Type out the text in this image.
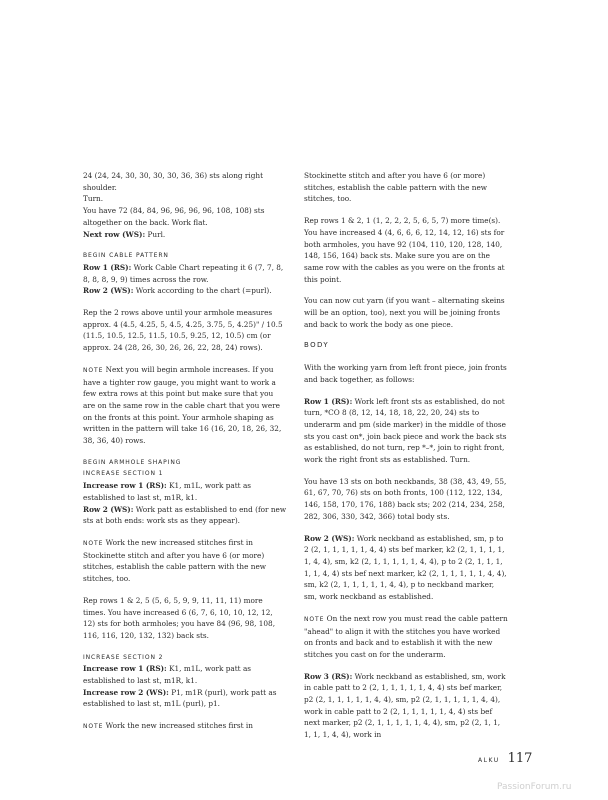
24 (24, 24, 30, 30, 30, 30, 36, 36) sts along right shoulder.

Turn.

You have 72 (84, 84, 96, 96, 96, 96, 108, 108) sts altogether on the back. Work flat.

Next row (WS): Purl.

BEGIN CABLE PATTERN

Row 1 (RS): Work Cable Chart repeating it 6 (7, 7, 8, 8, 8, 8, 9, 9) times across the row.

Row 2 (WS): Work according to the chart (=purl).

Rep the 2 rows above until your armhole measures approx. 4 (4.5, 4.25, 5, 4.5, 4.25, 3.75, 5, 4.25)" / 10.5 (11.5, 10.5, 12.5, 11.5, 10.5, 9.25, 12, 10.5) cm (or approx. 24 (28, 26, 30, 26, 26, 22, 28, 24) rows).

NOTE Next you will begin armhole increases. If you have a tighter row gauge, you might want to work a few extra rows at this point but make sure that you are on the same row in the cable chart that you were on the fronts at this point. Your armhole shaping as written in the pattern will take 16 (16, 20, 18, 26, 32, 38, 36, 40) rows.

BEGIN ARMHOLE SHAPING

INCREASE SECTION 1

Increase row 1 (RS): K1, m1L, work patt as established to last st, m1R, k1.

Row 2 (WS): Work patt as established to end (for new sts at both ends: work sts as they appear).

NOTE Work the new increased stitches first in Stockinette stitch and after you have 6 (or more) stitches, establish the cable pattern with the new stitches, too.

Rep rows 1 & 2, 5 (5, 6, 5, 9, 9, 11, 11, 11) more times. You have increased 6 (6, 7, 6, 10, 10, 12, 12, 12) sts for both armholes; you have 84 (96, 98, 108, 116, 116, 120, 132, 132) back sts.

INCREASE SECTION 2

Increase row 1 (RS): K1, m1L, work patt as established to last st, m1R, k1.

Increase row 2 (WS): P1, m1R (purl), work patt as established to last st, m1L (purl), p1.

NOTE Work the new increased stitches first in

Stockinette stitch and after you have 6 (or more) stitches, establish the cable pattern with the new stitches, too.

Rep rows 1 & 2, 1 (1, 2, 2, 2, 5, 6, 5, 7) more time(s). You have increased 4 (4, 6, 6, 6, 12, 14, 12, 16) sts for both armholes, you have 92 (104, 110, 120, 128, 140, 148, 156, 164) back sts. Make sure you are on the same row with the cables as you were on the fronts at this point.

You can now cut yarn (if you want – alternating skeins will be an option, too), next you will be joining fronts and back to work the body as one piece.

BODY

With the working yarn from left front piece, join fronts and back together, as follows:

Row 1 (RS): Work left front sts as established, do not turn, *CO 8 (8, 12, 14, 18, 18, 22, 20, 24) sts to underarm and pm (side marker) in the middle of those sts you cast on*, join back piece and work the back sts as established, do not turn, rep *–*, join to right front, work the right front sts as established. Turn.

You have 13 sts on both neckbands, 38 (38, 43, 49, 55, 61, 67, 70, 76) sts on both fronts, 100 (112, 122, 134, 146, 158, 170, 176, 188) back sts; 202 (214, 234, 258, 282, 306, 330, 342, 366) total body sts.

Row 2 (WS): Work neckband as established, sm, p to 2 (2, 1, 1, 1, 1, 1, 4, 4) sts bef marker, k2 (2, 1, 1, 1, 1, 1, 4, 4), sm, k2 (2, 1, 1, 1, 1, 1, 4, 4), p to 2 (2, 1, 1, 1, 1, 1, 4, 4) sts bef next marker, k2 (2, 1, 1, 1, 1, 1, 4, 4), sm, k2 (2, 1, 1, 1, 1, 1, 4, 4), p to neckband marker, sm, work neckband as established.

NOTE On the next row you must read the cable pattern "ahead" to align it with the stitches you have worked on fronts and back and to establish it with the new stitches you cast on for the underarm.

Row 3 (RS): Work neckband as established, sm, work in cable patt to 2 (2, 1, 1, 1, 1, 1, 4, 4) sts bef marker, p2 (2, 1, 1, 1, 1, 1, 4, 4), sm, p2 (2, 1, 1, 1, 1, 1, 4, 4), work in cable patt to 2 (2, 1, 1, 1, 1, 1, 4, 4) sts bef next marker, p2 (2, 1, 1, 1, 1, 1, 4, 4), sm, p2 (2, 1, 1, 1, 1, 1, 4, 4), work in

ALKU 117
PassionForum.ru
